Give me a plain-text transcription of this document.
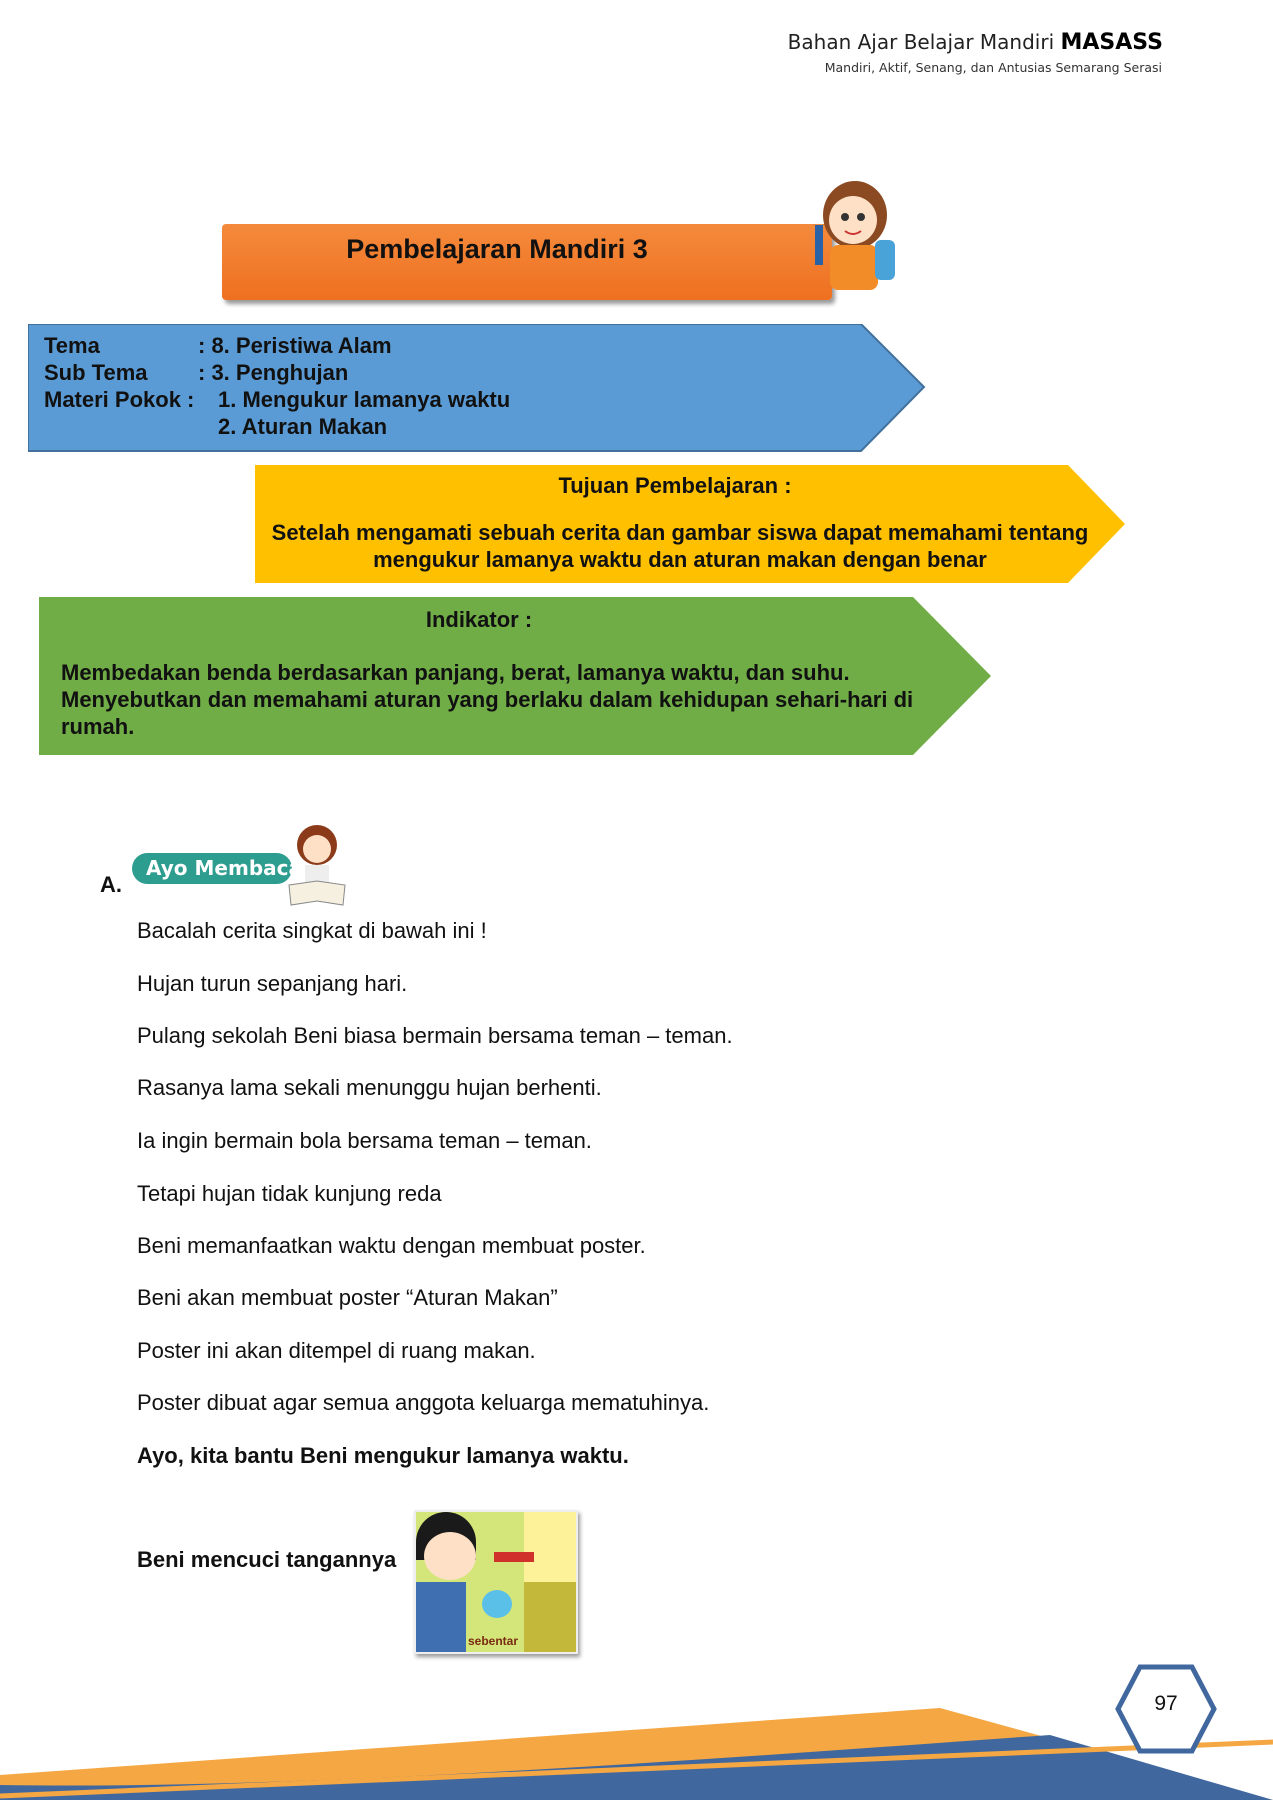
Bahan Ajar Belajar Mandiri MASASS
Mandiri, Aktif, Senang, dan Antusias Semarang Serasi
Pembelajaran Mandiri 3
Tema	: 8. Peristiwa Alam
Sub Tema : 3. Penghujan
Materi Pokok : 1. Mengukur lamanya waktu
2. Aturan Makan
Tujuan Pembelajaran :
Setelah mengamati sebuah cerita dan gambar siswa dapat memahami tentang mengukur lamanya waktu dan aturan makan dengan benar
Indikator :
Membedakan benda berdasarkan panjang, berat, lamanya waktu, dan suhu. Menyebutkan dan memahami aturan yang berlaku dalam kehidupan sehari-hari di rumah.
A.
Ayo Membaca
Bacalah cerita singkat di bawah ini !
Hujan turun sepanjang hari.
Pulang sekolah Beni biasa bermain bersama teman – teman.
Rasanya lama sekali menunggu hujan berhenti.
Ia ingin bermain bola bersama teman – teman.
Tetapi hujan tidak kunjung reda
Beni memanfaatkan waktu dengan membuat poster.
Beni akan membuat poster “Aturan Makan”
Poster ini akan ditempel di ruang makan.
Poster dibuat agar semua anggota keluarga mematuhinya.
Ayo, kita bantu Beni mengukur lamanya waktu.
Beni mencuci tangannya
sebentar
97
